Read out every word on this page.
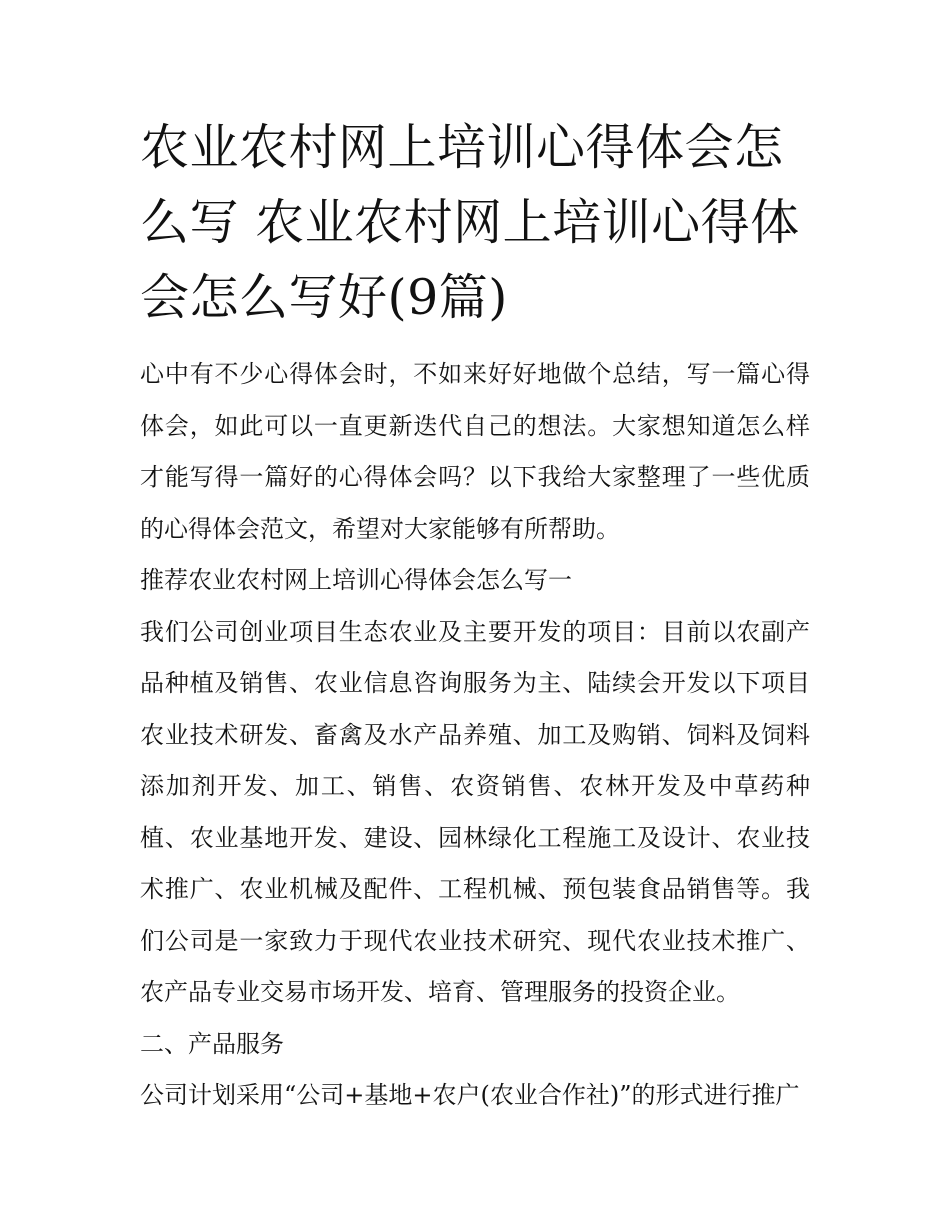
农业农村网上培训心得体会怎么写 农业农村网上培训心得体会怎么写好(9篇)

心中有不少心得体会时，不如来好好地做个总结，写一篇心得体会，如此可以一直更新迭代自己的想法。大家想知道怎么样才能写得一篇好的心得体会吗？以下我给大家整理了一些优质的心得体会范文，希望对大家能够有所帮助。

推荐农业农村网上培训心得体会怎么写一

我们公司创业项目生态农业及主要开发的项目：目前以农副产品种植及销售、农业信息咨询服务为主、陆续会开发以下项目农业技术研发、畜禽及水产品养殖、加工及购销、饲料及饲料添加剂开发、加工、销售、农资销售、农林开发及中草药种植、农业基地开发、建设、园林绿化工程施工及设计、农业技术推广、农业机械及配件、工程机械、预包装食品销售等。我们公司是一家致力于现代农业技术研究、现代农业技术推广、农产品专业交易市场开发、培育、管理服务的投资企业。

二、产品服务

公司计划采用“公司+基地+农户(农业合作社)”的形式进行推广
